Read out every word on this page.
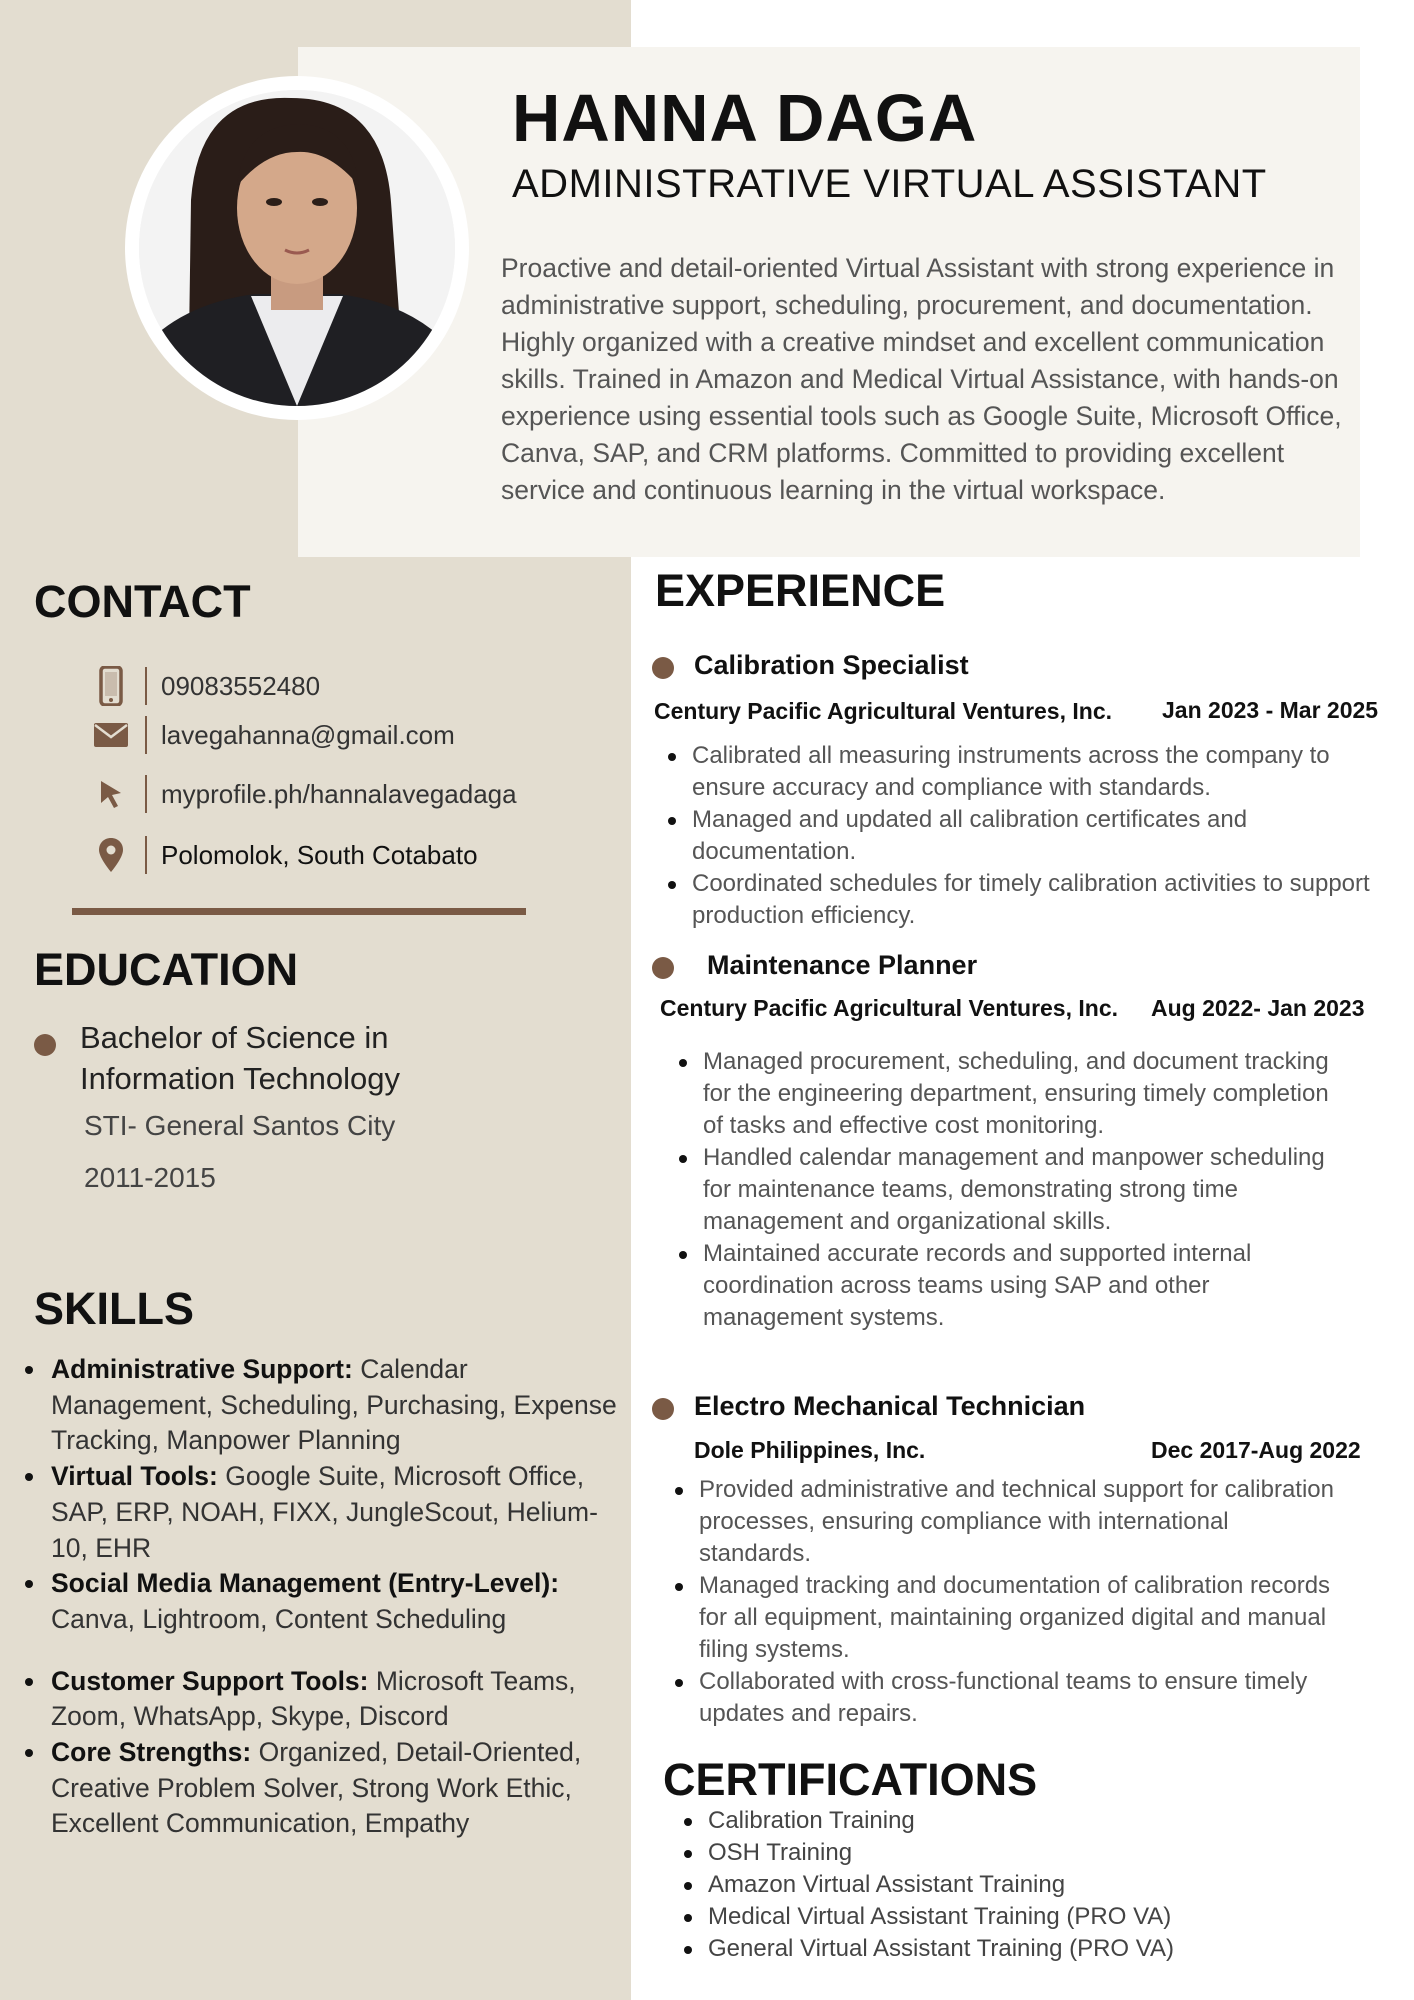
HANNA DAGA
ADMINISTRATIVE VIRTUAL ASSISTANT
Proactive and detail-oriented Virtual Assistant with strong experience in administrative support, scheduling, procurement, and documentation. Highly organized with a creative mindset and excellent communication skills. Trained in Amazon and Medical Virtual Assistance, with hands-on experience using essential tools such as Google Suite, Microsoft Office, Canva, SAP, and CRM platforms. Committed to providing excellent service and continuous learning in the virtual workspace.
CONTACT
09083552480
lavegahanna@gmail.com
myprofile.ph/hannalavegadaga
Polomolok, South Cotabato
EDUCATION
Bachelor of Science in Information Technology
STI- General Santos City
2011-2015
SKILLS
Administrative Support: Calendar Management, Scheduling, Purchasing, Expense Tracking, Manpower Planning
Virtual Tools: Google Suite, Microsoft Office, SAP, ERP, NOAH, FIXX, JungleScout, Helium-10, EHR
Social Media Management (Entry-Level): Canva, Lightroom, Content Scheduling
Customer Support Tools: Microsoft Teams, Zoom, WhatsApp, Skype, Discord
Core Strengths: Organized, Detail-Oriented, Creative Problem Solver, Strong Work Ethic, Excellent Communication, Empathy
EXPERIENCE
Calibration Specialist
Century Pacific Agricultural Ventures, Inc. Jan 2023 - Mar 2025
Calibrated all measuring instruments across the company to ensure accuracy and compliance with standards.
Managed and updated all calibration certificates and documentation.
Coordinated schedules for timely calibration activities to support production efficiency.
Maintenance Planner
Century Pacific Agricultural Ventures, Inc. Aug 2022- Jan 2023
Managed procurement, scheduling, and document tracking for the engineering department, ensuring timely completion of tasks and effective cost monitoring.
Handled calendar management and manpower scheduling for maintenance teams, demonstrating strong time management and organizational skills.
Maintained accurate records and supported internal coordination across teams using SAP and other management systems.
Electro Mechanical Technician
Dole Philippines, Inc.	Dec 2017-Aug 2022
Provided administrative and technical support for calibration processes, ensuring compliance with international standards.
Managed tracking and documentation of calibration records for all equipment, maintaining organized digital and manual filing systems.
Collaborated with cross-functional teams to ensure timely updates and repairs.
CERTIFICATIONS
Calibration Training
OSH Training
Amazon Virtual Assistant Training
Medical Virtual Assistant Training (PRO VA)
General Virtual Assistant Training (PRO VA)
